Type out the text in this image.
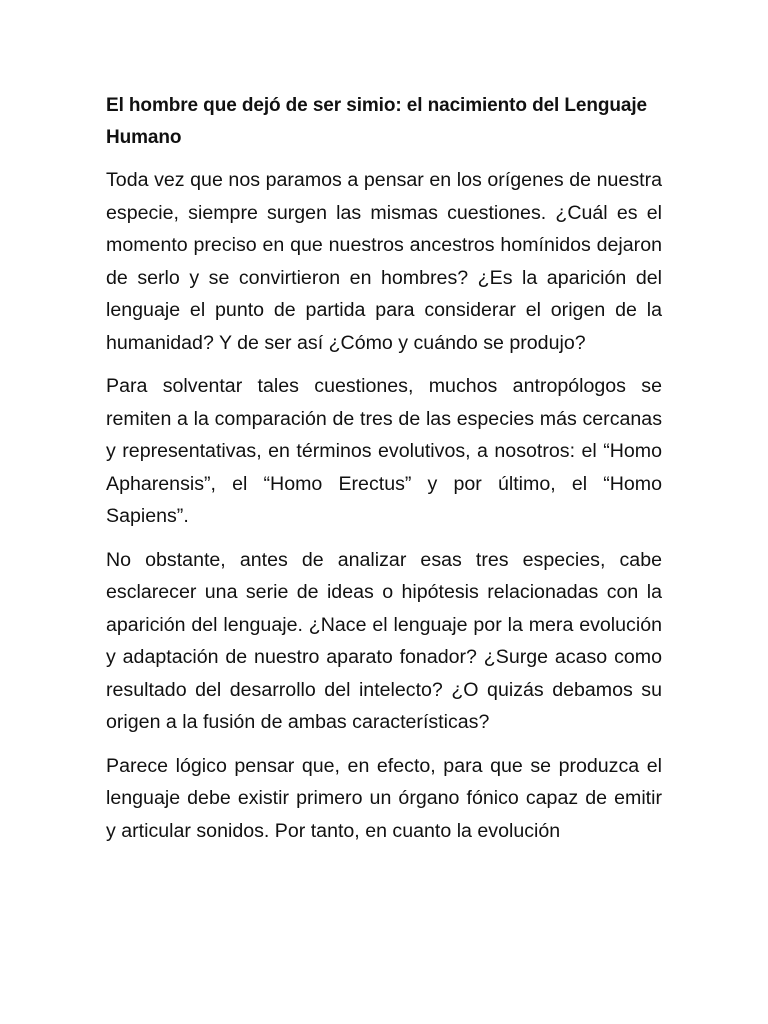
El hombre que dejó de ser simio: el nacimiento del Lenguaje Humano

Toda vez que nos paramos a pensar en los orígenes de nuestra especie, siempre surgen las mismas cuestiones. ¿Cuál es el momento preciso en que nuestros ancestros homínidos dejaron de serlo y se convirtieron en hombres? ¿Es la aparición del lenguaje el punto de partida para considerar el origen de la humanidad? Y de ser así ¿Cómo y cuándo se produjo?

Para solventar tales cuestiones, muchos antropólogos se remiten a la comparación de tres de las especies más cercanas y representativas, en términos evolutivos, a nosotros: el “Homo Apharensis”, el “Homo Erectus” y por último, el “Homo Sapiens”.

No obstante, antes de analizar esas tres especies, cabe esclarecer una serie de ideas o hipótesis relacionadas con la aparición del lenguaje. ¿Nace el lenguaje por la mera evolución y adaptación de nuestro aparato fonador? ¿Surge acaso como resultado del desarrollo del intelecto? ¿O quizás debamos su origen a la fusión de ambas características?

Parece lógico pensar que, en efecto, para que se produzca el lenguaje debe existir primero un órgano fónico capaz de emitir y articular sonidos. Por tanto, en cuanto la evolución
